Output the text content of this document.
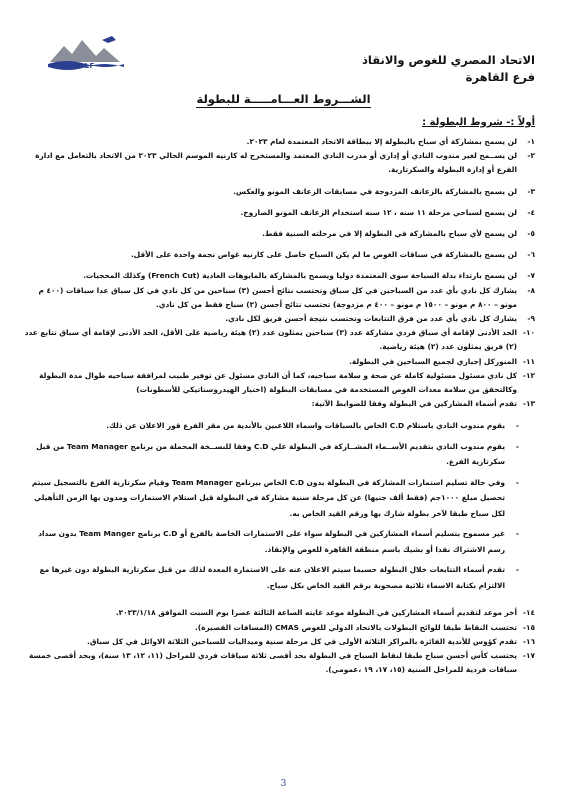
EDLF	الاتحاد المصري للغوص والانقاذ
فرع القاهرة
الشـــروط العـــامـــــة للبطولة
أولاً :- شروط البطولة :

١-
لن يسمح بمشاركة أي سباح بالبطولة إلا ببطاقة الاتحاد المعتمدة لعام ٢٠٢٣.

٢-
لن يســمح لغير مندوب النادي أو إداري أو مدرب النادي المعتمد والمستخرج له كارنيه الموسم الحالي ٢٠٢٣ من الاتحاد بالتعامل مع ادارة الفرع أو إدارة البطولة والسكرتارية.

٣-
لن يسمح بالمشاركة بالزعانف المزدوجة في مسابقات الزعانف المونو والعكس.

٤-
لن يسمح لسباحي مرحلة ١١ سنه ، ١٢ سنه استخدام الزعانف المونو الصاروخ.

٥-
لن يسمح لأي سباح بالمشاركة في البطولة إلا في مرحلته السنية فقط.

٦-
لن يسمح بالمشاركة في سباقات الغوص ما لم يكن السباح حاصل على كارنيه غواص نجمة واحدة على الأقل.

٧-
لن يسمح بارتداء بدلة السباحة سوى المعتمدة دوليا ويسمح بالمشاركة بالمايوهات العادية (French Cut) وكذلك المحجبات.

٨-
يشارك كل نادي بأي عدد من السباحين في كل سباق وتحتسب نتائج أحسن (٣) سباحين من كل نادي في كل سباق عدا سباقات (٤٠٠ م مونو – ٨٠٠ م مونو – ١٥٠٠ م مونو – ٤٠٠ م مزدوجة) تحتسب نتائج أحسن (٢) سباح فقط من كل نادي.

٩-
يشارك كل نادي بأي عدد من فرق التتابعات وتحتسب نتيجة أحسن فريق لكل نادي.

١٠-
الحد الأدنى لإقامة أي سباق فردي مشاركة عدد (٣) سباحين يمثلون عدد (٢) هيئة رياضية على الأقل، الحد الأدنى لإقامة أي سباق تتابع عدد (٢) فريق يمثلون عدد (٢) هيئة رياضية.

١١-
المنوركل إجباري لجميع السباحين في البطولة.

١٢-
كل نادي مسئول مسئولية كاملة عن صحة و سلامة سباحيه، كما أن النادي مسئول عن توفير طبيب لمرافقة سباحيه طوال مدة البطولة وكالتحقق من سلامة معدات الغوص المستخدمة في مسابقات البطولة (اختبار الهيدروستاتيكي للأسطونات)

١٣-
تقدم أسماء المشاركين في البطولة وفقا للضوابط الآتية:

-
يقوم مندوب النادي باستلام C.D الخاص بالسباقات واسماء اللاعبين بالأندية من مقر الفرع قور الاعلان عن ذلك.

-
يقوم مندوب النادي بتقديم الأســماء المشــاركة في البطولة علي C.D وفقا للنســخة المحملة من برنامج Team Manager من قبل سكرتارية الفرع.

-
وفي حالة تسليم استمارات المشاركة في البطولة بدون C.D الخاص ببرنامج Team Manager وقيام سكرتارية الفرع بالتسجيل سيتم تحصيل مبلغ ١٠٠٠جم (فقط ألف جنيها) عن كل مرحلة سنية مشاركة في البطولة قبل استلام الاستمارات ومدون بها الزمن التأهيلي لكل سباح طبقا لآخر بطولة شارك بها ورقم القيد الخاص به.

-
غير مسموح بتسليم أسماء المشاركين في البطولة سواء على الاستمارات الخاصة بالفرع أو C.D برنامج Team Manger بدون سداد رسم الاشتراك نقدا أو بشيك باسم منطقة القاهرة للغوص والإنقاذ.

-
تقدم أسماء التتابعات خلال البطولة حسبما سيتم الاعلان عنه على الاستمارة المعدة لذلك من قبل سكرتارية البطولة دون غيرها مع الالتزام بكتابة الاسماء ثلاثية مصحوبة برقم القيد الخاص بكل سباح.

١٤-
أخر موعد لتقديم أسماء المشاركين في البطولة موعد غايته الساعة الثالثة عصرا يوم السبت الموافق ٢٠٢٣/١/١٨.

١٥-
تحتسب النقاط طبقا للوائح البطولات بالاتحاد الدولي للغوص CMAS (المسافات القصيرة).

١٦-
تقدم كؤوس للأندية الفائزة بالمراكز الثلاثة الأولى في كل مرحلة سنية وميداليات للسباحين الثلاثة الاوائل في كل سباق.

١٧-
يحتسب كأس أحسن سباح طبقا لنقاط السباح في البطولة بحد أقصى ثلاثة سباقات فردي للمراحل (١١، ١٢، ١٣ سنة)، وبحد أقصى خمسة سباقات فردية للمراحل السنية (١٥، ١٧، ١٩ ،عمومي).

3
